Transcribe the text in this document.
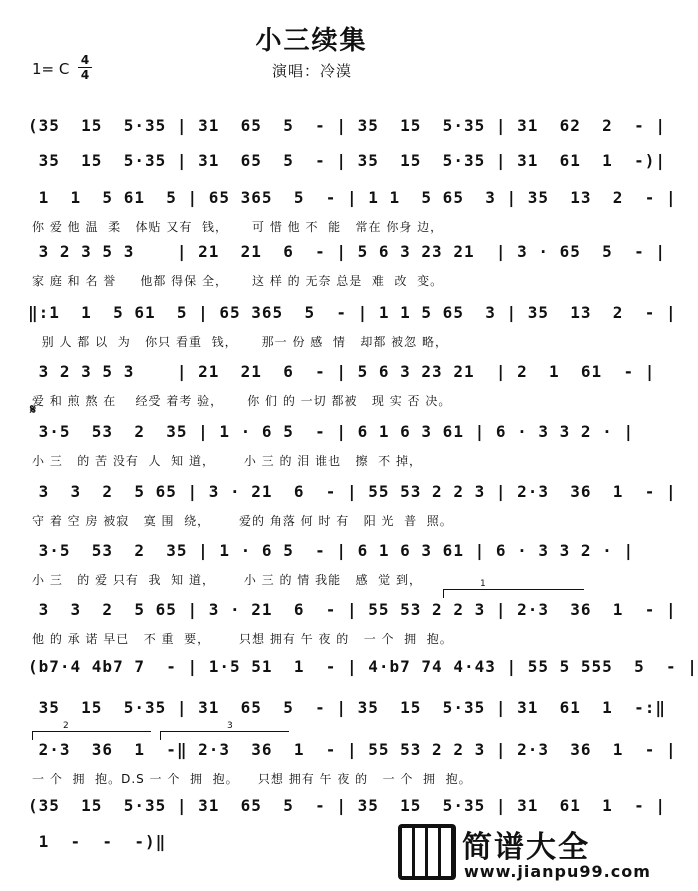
小三续集
1= C 4
4	演唱：冷漠
(35  15  5·35 | 31  65  5  - | 35  15  5·35 | 31  62  2  - |
35  15  5·35 | 31  65  5  - | 35  15  5·35 | 31  61  1  -)|
1  1  5 61  5 | 65 365  5  - | 1 1  5 65  3 | 35  13  2  - |
你 爱 他 温  柔   体贴 又有  钱，     可 惜 他 不  能   常在 你身 边，
3 2 3 5 3    | 21  21  6  - | 5 6 3 23 21  | 3 · 65  5  - |
家 庭 和 名 誉     他都 得保 全，     这 样 的 无奈 总是  难  改  变。
‖:1  1  5 61  5 | 65 365  5  - | 1 1 5 65  3 | 35  13  2  - |
别 人 都 以  为   你只 看重  钱，     那一 份 感  情   却都 被忽 略，
3 2 3 5 3    | 21  21  6  - | 5 6 3 23 21  | 2  1  61  - |
爱 和 煎 熬 在    经受 着考 验，     你 们 的 一切 都被   现 实 否 决。
𝄋
3·5  53  2  35 | 1 · 6 5  - | 6 1 6 3 61 | 6 · 3 3 2 · |
小 三   的 苦 没有  人  知 道，      小 三 的 泪 谁也   擦  不 掉，
3  3  2  5 65 | 3 · 21  6  - | 55 53 2 2 3 | 2·3  36  1  - |
守 着 空 房 被寂   寞 围  绕，      爱的 角落 何 时 有   阳 光  普  照。
3·5  53  2  35 | 1 · 6 5  - | 6 1 6 3 61 | 6 · 3 3 2 · |
小 三   的 爱 只有  我  知 道，      小 三 的 情 我能   感  觉 到，	1
3  3  2  5 65 | 3 · 21  6  - | 55 53 2 2 3 | 2·3  36  1  - |
他 的 承 诺 早已   不 重  要，      只想 拥有 午 夜 的   一 个  拥  抱。
(b7·4 4b7 7  - | 1·5 51  1  - | 4·b7 74 4·43 | 55 5 555  5  - |
35  15  5·35 | 31  65  5  - | 35  15  5·35 | 31  61  1  -:‖
2	3
2·3  36  1  -‖ 2·3  36  1  - | 55 53 2 2 3 | 2·3  36  1  - |
一 个  拥  抱。D.S 一 个  拥  抱。    只想 拥有 午 夜 的   一 个  拥  抱。
(35  15  5·35 | 31  65  5  - | 35  15  5·35 | 31  61  1  - |
1  -  -  -)‖	简谱大全
www.jianpu99.com
